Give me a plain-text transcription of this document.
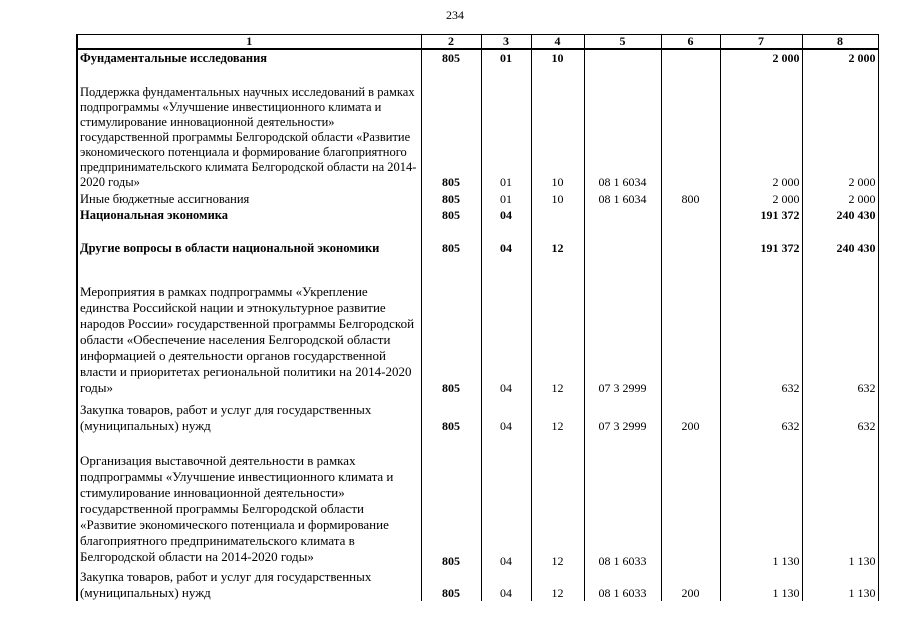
234
1	2	3	4	5	6	7	8
Фундаментальные исследования	805	01	10			2 000	2 000
Поддержка фундаментальных научных исследований в рамках подпрограммы «Улучшение инвестиционного климата и стимулирование инновационной деятельности» государственной программы Белгородской области «Развитие экономического потенциала и формирование благоприятного предпринимательского климата Белгородской области на 2014-2020 годы»	805	01	10	08 1 6034		2 000	2 000
Иные бюджетные ассигнования	805	01	10	08 1 6034	800	2 000	2 000
Национальная экономика	805	04				191 372	240 430
Другие вопросы в области национальной экономики	805	04	12			191 372	240 430
Мероприятия в рамках подпрограммы «Укрепление единства Российской нации и этнокультурное развитие народов России» государственной программы Белгородской области «Обеспечение населения Белгородской области информацией о деятельности органов государственной власти и приоритетах региональной политики на 2014-2020 годы»	805	04	12	07 3 2999		632	632
Закупка товаров, работ и услуг для государственных (муниципальных) нужд	805	04	12	07 3 2999	200	632	632
Организация выставочной деятельности в рамках подпрограммы «Улучшение инвестиционного климата и стимулирование инновационной деятельности» государственной программы Белгородской области «Развитие экономического потенциала и формирование благоприятного предпринимательского климата в Белгородской области на 2014-2020 годы»	805	04	12	08 1 6033		1 130	1 130
Закупка товаров, работ и услуг для государственных (муниципальных) нужд	805	04	12	08 1 6033	200	1 130	1 130
